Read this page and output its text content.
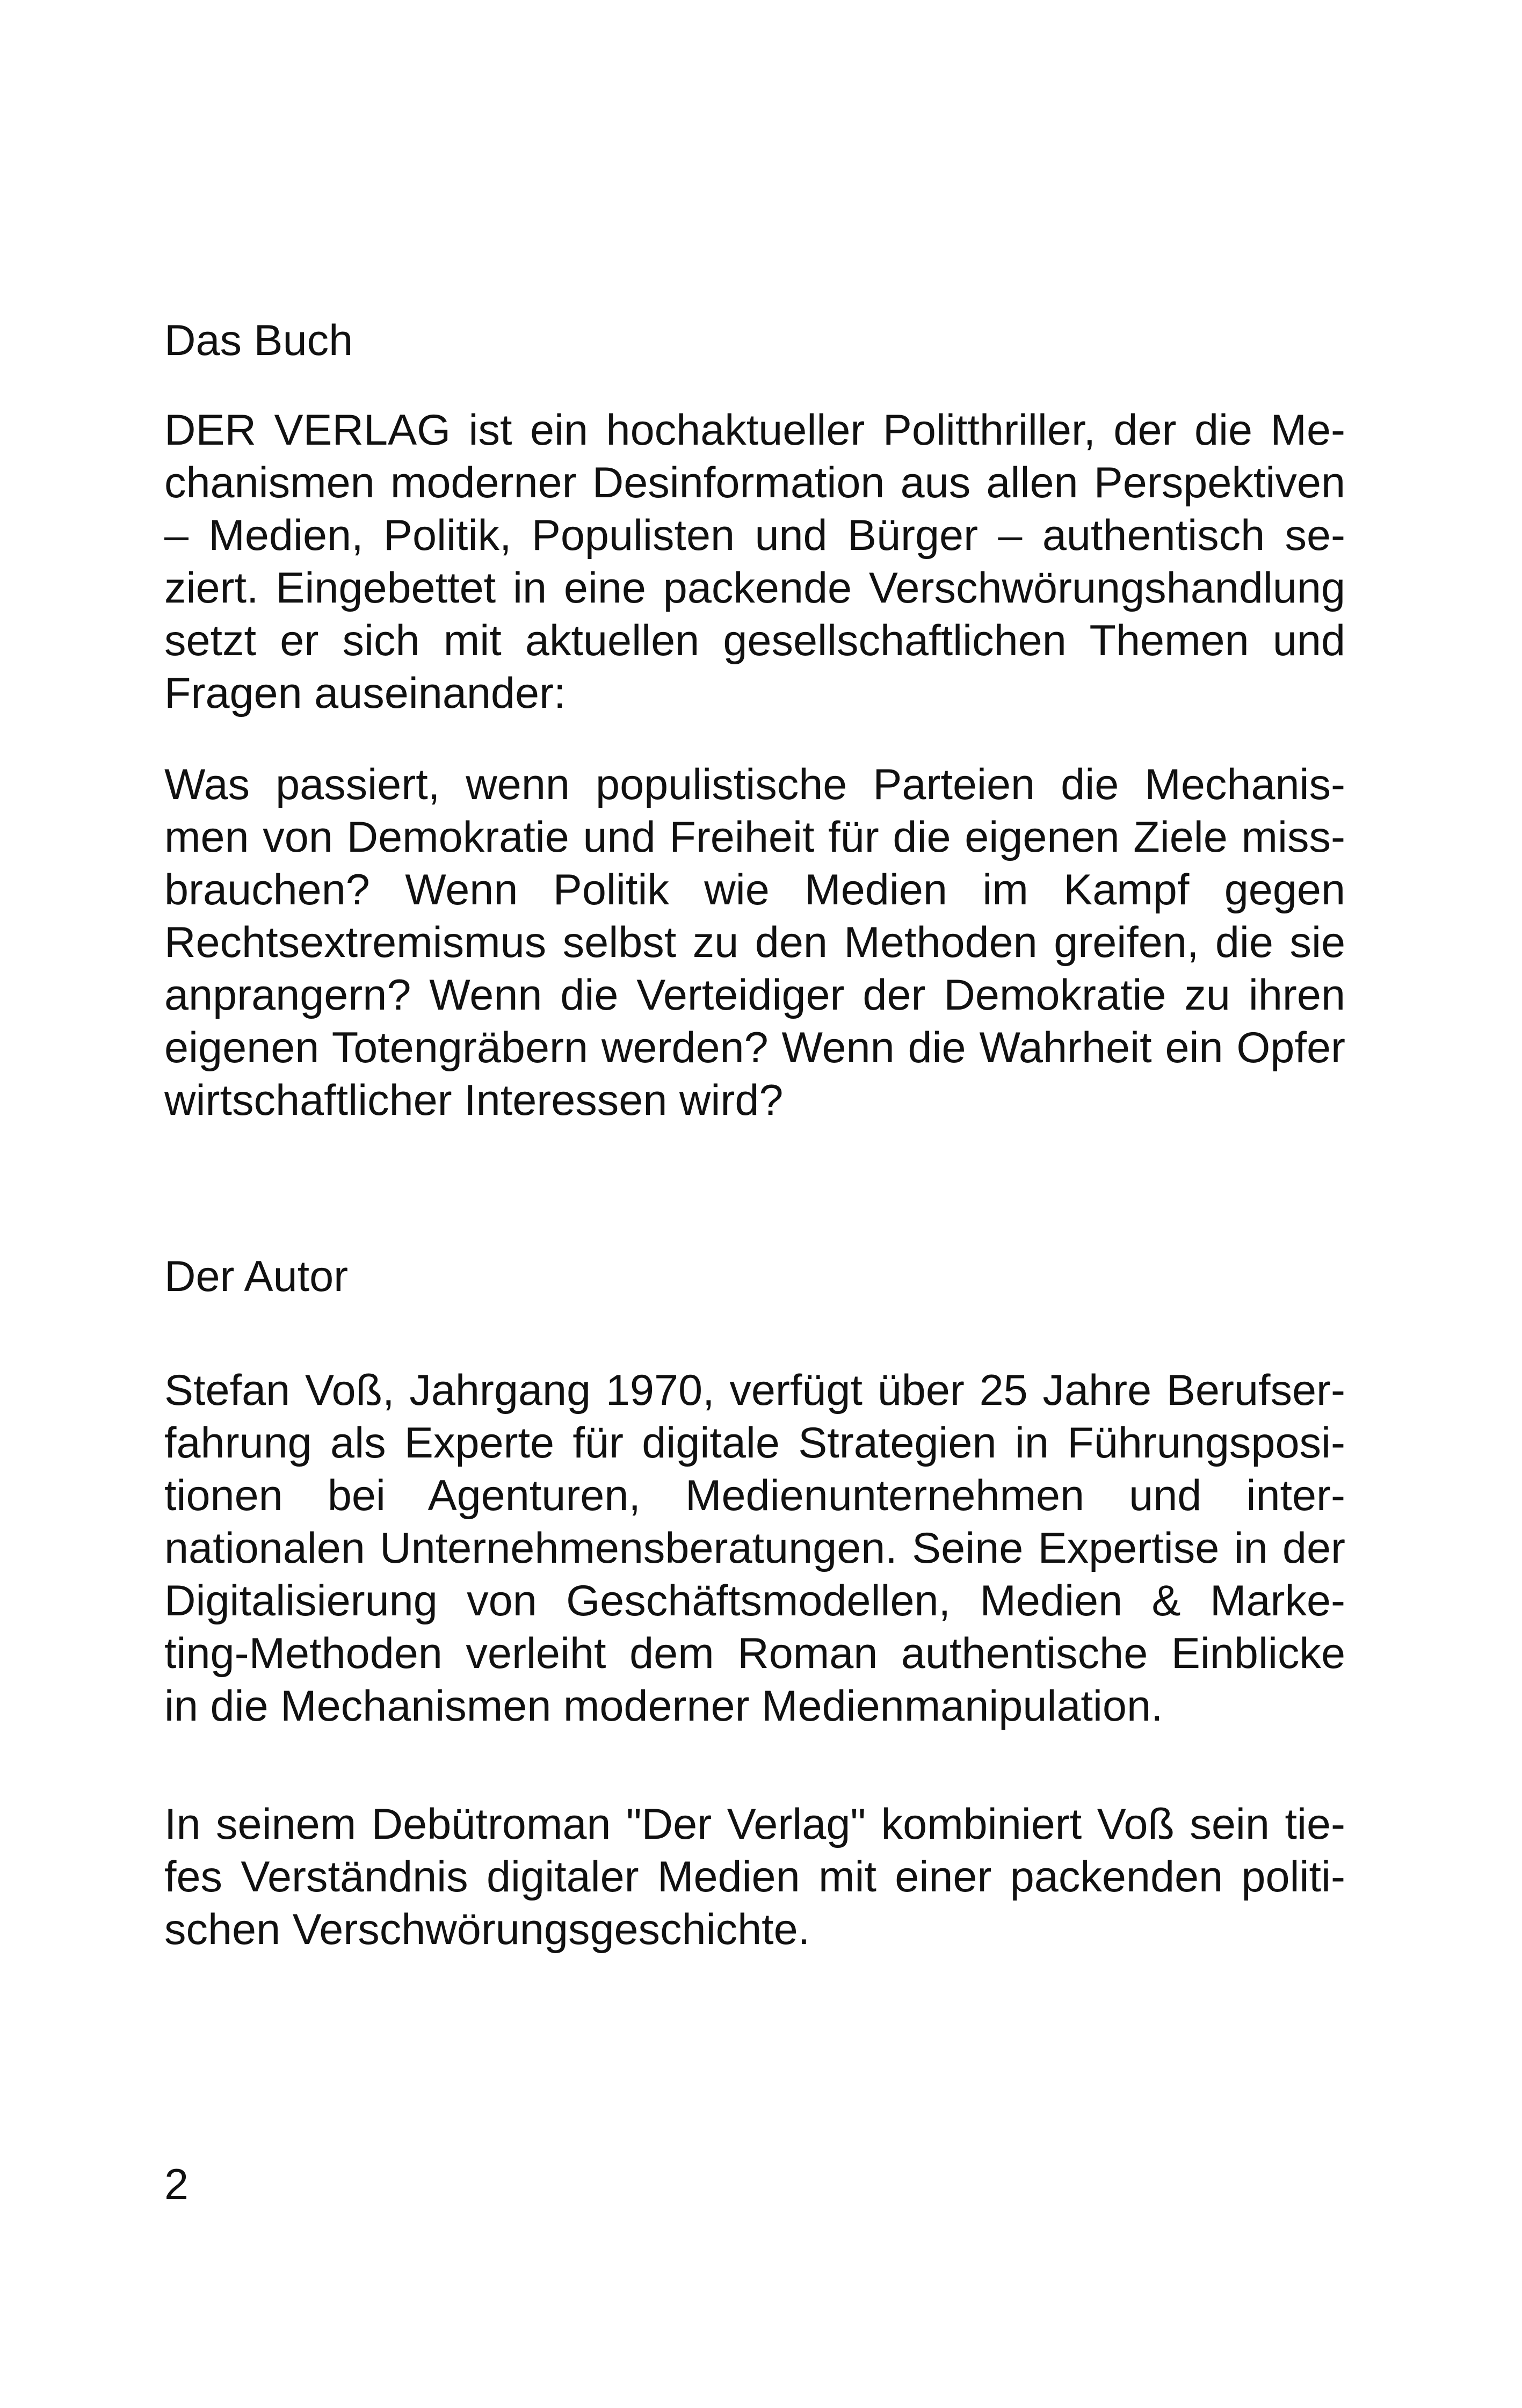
Das Buch
DER VERLAG ist ein hochaktueller Politthriller, der die Me-
chanismen moderner Desinformation aus allen Perspektiven
– Medien, Politik, Populisten und Bürger – authentisch se-
ziert. Eingebettet in eine packende Verschwörungshandlung
setzt er sich mit aktuellen gesellschaftlichen Themen und
Fragen auseinander:
Was passiert, wenn populistische Parteien die Mechanis-
men von Demokratie und Freiheit für die eigenen Ziele miss-
brauchen? Wenn Politik wie Medien im Kampf gegen
Rechtsextremismus selbst zu den Methoden greifen, die sie
anprangern? Wenn die Verteidiger der Demokratie zu ihren
eigenen Totengräbern werden? Wenn die Wahrheit ein Opfer
wirtschaftlicher Interessen wird?
Der Autor
Stefan Voß, Jahrgang 1970, verfügt über 25 Jahre Berufser-
fahrung als Experte für digitale Strategien in Führungsposi-
tionen bei Agenturen, Medienunternehmen und inter-
nationalen Unternehmensberatungen. Seine Expertise in der
Digitalisierung von Geschäftsmodellen, Medien & Marke-
ting-Methoden verleiht dem Roman authentische Einblicke
in die Mechanismen moderner Medienmanipulation.
In seinem Debütroman "Der Verlag" kombiniert Voß sein tie-
fes Verständnis digitaler Medien mit einer packenden politi-
schen Verschwörungsgeschichte.
2
